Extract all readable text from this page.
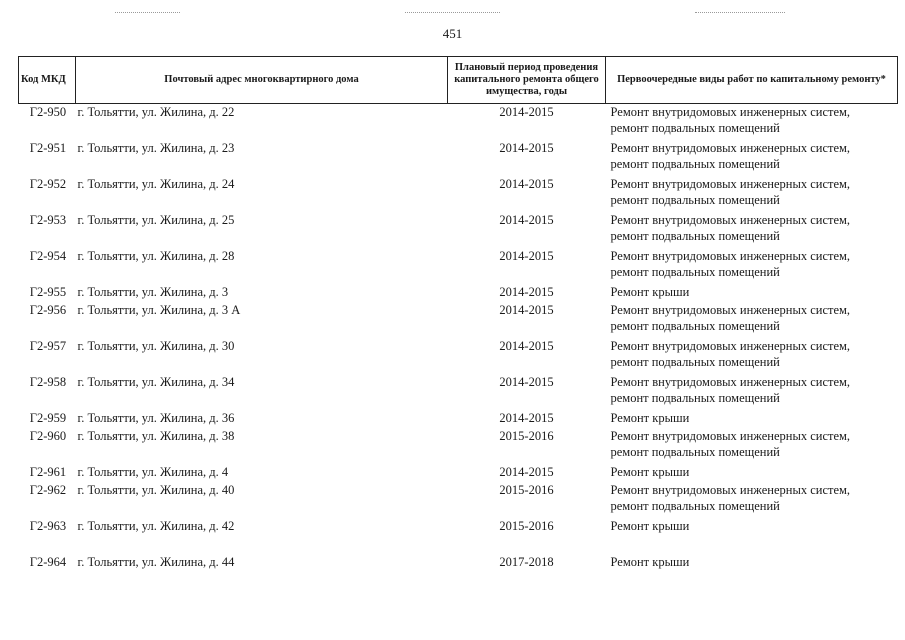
451
Код МКД	Почтовый адрес многоквартирного дома	Плановый период проведения капитального ремонта общего имущества, годы	Первоочередные виды работ по капитальному ремонту*
Г2-950	г. Тольятти, ул. Жилина, д. 22	2014-2015	Ремонт внутридомовых инженерных систем,
ремонт подвальных помещений

Г2-951	г. Тольятти, ул. Жилина, д. 23	2014-2015	Ремонт внутридомовых инженерных систем,
ремонт подвальных помещений

Г2-952	г. Тольятти, ул. Жилина, д. 24	2014-2015	Ремонт внутридомовых инженерных систем,
ремонт подвальных помещений

Г2-953	г. Тольятти, ул. Жилина, д. 25	2014-2015	Ремонт внутридомовых инженерных систем,
ремонт подвальных помещений

Г2-954	г. Тольятти, ул. Жилина, д. 28	2014-2015	Ремонт внутридомовых инженерных систем,
ремонт подвальных помещений

Г2-955	г. Тольятти, ул. Жилина, д. 3	2014-2015	Ремонт крыши

Г2-956	г. Тольятти, ул. Жилина, д. 3 А	2014-2015	Ремонт внутридомовых инженерных систем,
ремонт подвальных помещений

Г2-957	г. Тольятти, ул. Жилина, д. 30	2014-2015	Ремонт внутридомовых инженерных систем,
ремонт подвальных помещений

Г2-958	г. Тольятти, ул. Жилина, д. 34	2014-2015	Ремонт внутридомовых инженерных систем,
ремонт подвальных помещений

Г2-959	г. Тольятти, ул. Жилина, д. 36	2014-2015	Ремонт крыши

Г2-960	г. Тольятти, ул. Жилина, д. 38	2015-2016	Ремонт внутридомовых инженерных систем,
ремонт подвальных помещений

Г2-961	г. Тольятти, ул. Жилина, д. 4	2014-2015	Ремонт крыши

Г2-962	г. Тольятти, ул. Жилина, д. 40	2015-2016	Ремонт внутридомовых инженерных систем,
ремонт подвальных помещений

Г2-963	г. Тольятти, ул. Жилина, д. 42	2015-2016	Ремонт крыши

Г2-964	г. Тольятти, ул. Жилина, д. 44	2017-2018	Ремонт крыши
